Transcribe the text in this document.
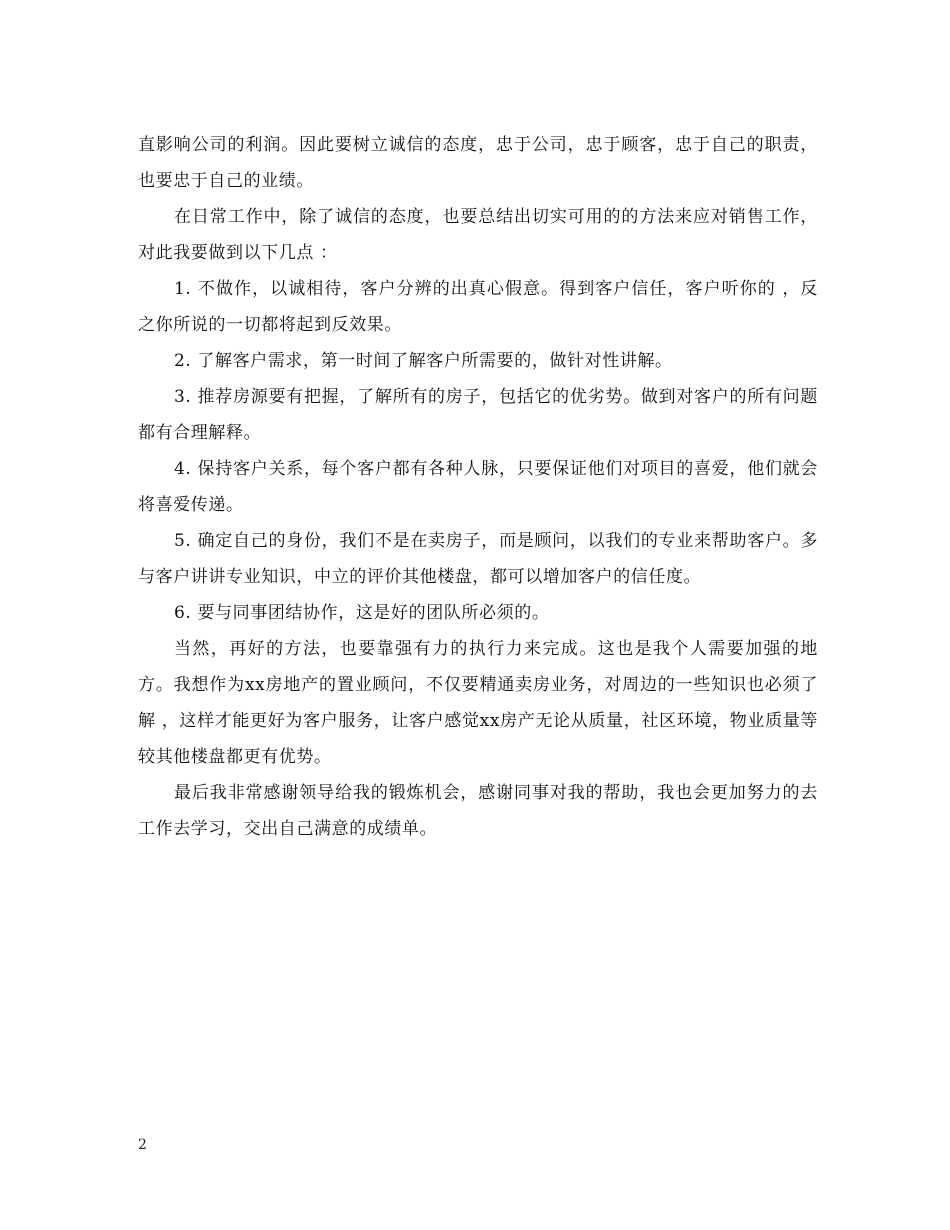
直影响公司的利润。因此要树立诚信的态度，忠于公司，忠于顾客，忠于自己的职责，也要忠于自己的业绩。

在日常工作中，除了诚信的态度，也要总结出切实可用的的方法来应对销售工作，对此我要做到以下几点 ：

1. 不做作，以诚相待，客户分辨的出真心假意。得到客户信任，客户听你的 ，反之你所说的一切都将起到反效果。

2. 了解客户需求，第一时间了解客户所需要的，做针对性讲解。

3. 推荐房源要有把握，了解所有的房子，包括它的优劣势。做到对客户的所有问题都有合理解释。

4. 保持客户关系，每个客户都有各种人脉，只要保证他们对项目的喜爱，他们就会将喜爱传递。

5. 确定自己的身份，我们不是在卖房子，而是顾问，以我们的专业来帮助客户。多与客户讲讲专业知识，中立的评价其他楼盘，都可以增加客户的信任度。

6. 要与同事团结协作，这是好的团队所必须的。

当然，再好的方法，也要靠强有力的执行力来完成。这也是我个人需要加强的地方。我想作为xx房地产的置业顾问，不仅要精通卖房业务，对周边的一些知识也必须了解 ，这样才能更好为客户服务，让客户感觉xx房产无论从质量，社区环境，物业质量等较其他楼盘都更有优势。

最后我非常感谢领导给我的锻炼机会，感谢同事对我的帮助，我也会更加努力的去工作去学习，交出自己满意的成绩单。

2
